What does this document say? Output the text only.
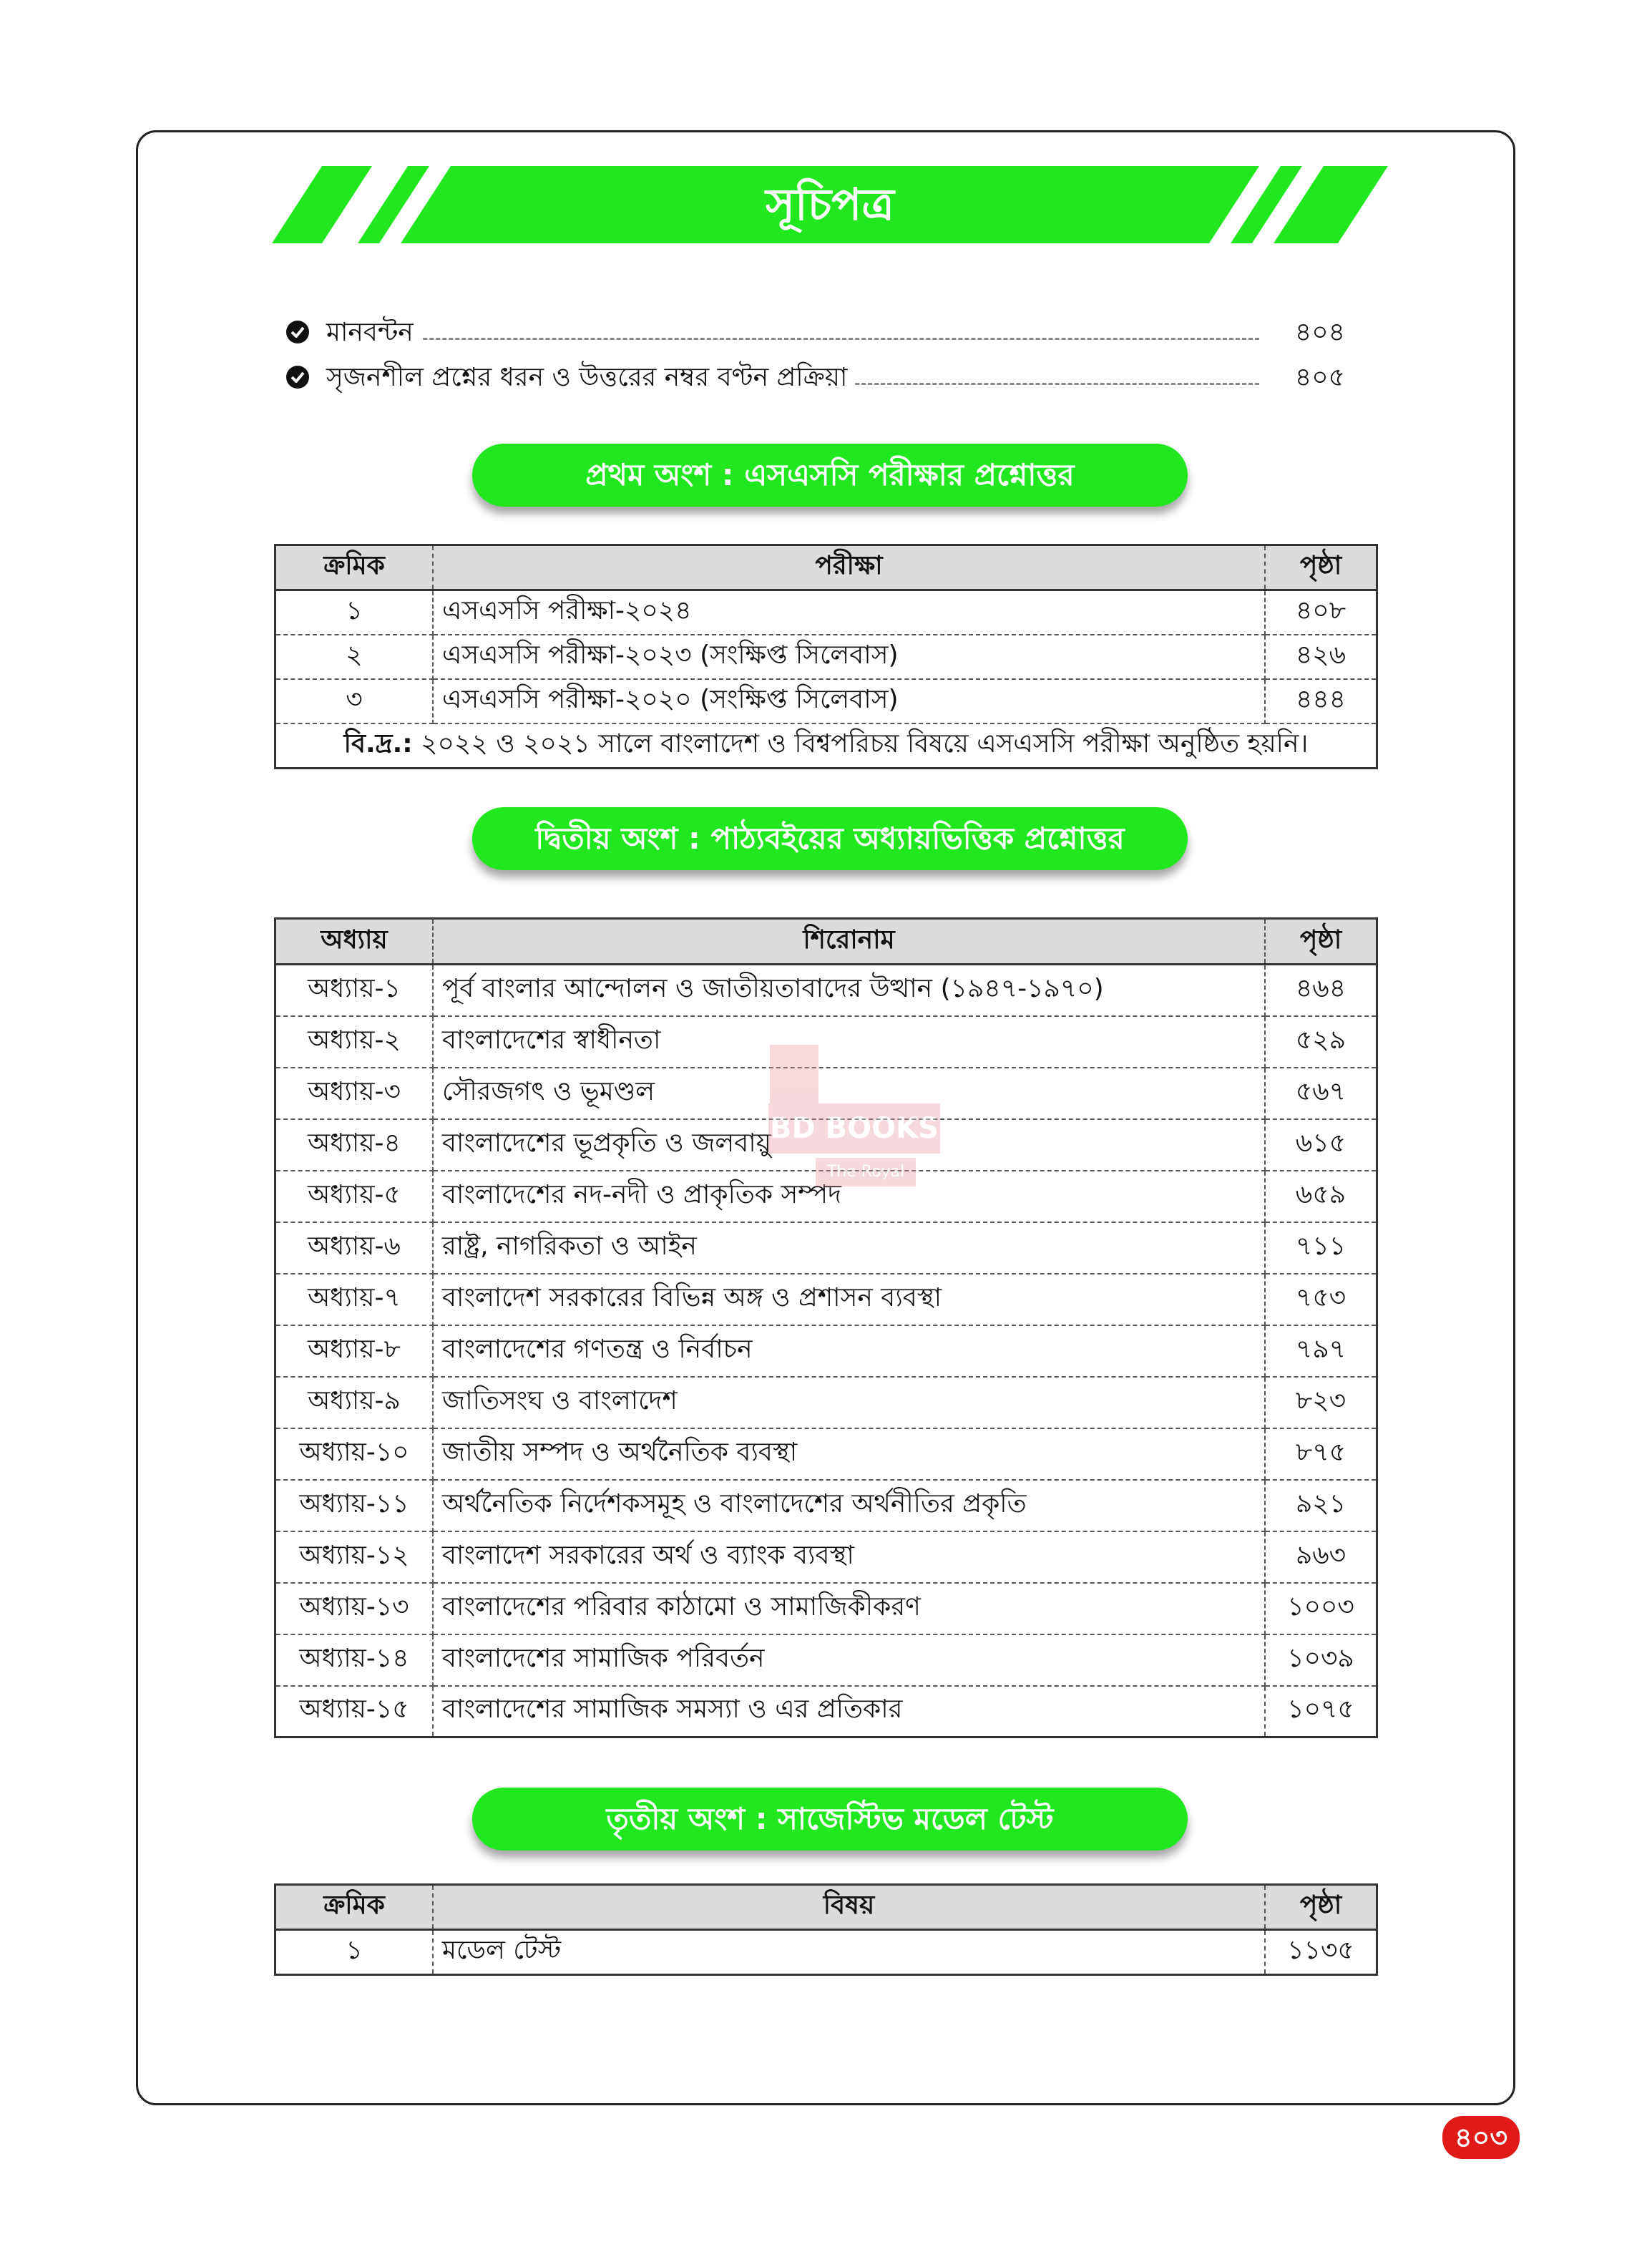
সূচিপত্র
মানবন্টন	৪০৪
সৃজনশীল প্রশ্নের ধরন ও উত্তরের নম্বর বণ্টন প্রক্রিয়া	৪০৫
প্রথম অংশ : এসএসসি পরীক্ষার প্রশ্নোত্তর
ক্রমিক	পরীক্ষা	পৃষ্ঠা
১	এসএসসি পরীক্ষা-২০২৪	৪০৮
২	এসএসসি পরীক্ষা-২০২৩ (সংক্ষিপ্ত সিলেবাস)	৪২৬
৩	এসএসসি পরীক্ষা-২০২০ (সংক্ষিপ্ত সিলেবাস)	৪৪৪
বি.দ্র.: ২০২২ ও ২০২১ সালে বাংলাদেশ ও বিশ্বপরিচয় বিষয়ে এসএসসি পরীক্ষা অনুষ্ঠিত হয়নি।		
দ্বিতীয় অংশ : পাঠ্যবইয়ের অধ্যায়ভিত্তিক প্রশ্নোত্তর
অধ্যায়	শিরোনাম	পৃষ্ঠা
অধ্যায়-১	পূর্ব বাংলার আন্দোলন ও জাতীয়তাবাদের উত্থান (১৯৪৭-১৯৭০)	৪৬৪
অধ্যায়-২	বাংলাদেশের স্বাধীনতা	৫২৯
অধ্যায়-৩	সৌরজগৎ ও ভূমণ্ডল	৫৬৭
অধ্যায়-৪	বাংলাদেশের ভূপ্রকৃতি ও জলবায়ু	৬১৫
অধ্যায়-৫	বাংলাদেশের নদ-নদী ও প্রাকৃতিক সম্পদ	৬৫৯
অধ্যায়-৬	রাষ্ট্র, নাগরিকতা ও আইন	৭১১
অধ্যায়-৭	বাংলাদেশ সরকারের বিভিন্ন অঙ্গ ও প্রশাসন ব্যবস্থা	৭৫৩
অধ্যায়-৮	বাংলাদেশের গণতন্ত্র ও নির্বাচন	৭৯৭
অধ্যায়-৯	জাতিসংঘ ও বাংলাদেশ	৮২৩
অধ্যায়-১০	জাতীয় সম্পদ ও অর্থনৈতিক ব্যবস্থা	৮৭৫
অধ্যায়-১১	অর্থনৈতিক নির্দেশকসমূহ ও বাংলাদেশের অর্থনীতির প্রকৃতি	৯২১
অধ্যায়-১২	বাংলাদেশ সরকারের অর্থ ও ব্যাংক ব্যবস্থা	৯৬৩
অধ্যায়-১৩	বাংলাদেশের পরিবার কাঠামো ও সামাজিকীকরণ	১০০৩
অধ্যায়-১৪	বাংলাদেশের সামাজিক পরিবর্তন	১০৩৯
অধ্যায়-১৫	বাংলাদেশের সামাজিক সমস্যা ও এর প্রতিকার	১০৭৫
BD BOOKS
The Royal
তৃতীয় অংশ : সাজেস্টিভ মডেল টেস্ট
ক্রমিক	বিষয়	পৃষ্ঠা
১	মডেল টেস্ট	১১৩৫
৪০৩
